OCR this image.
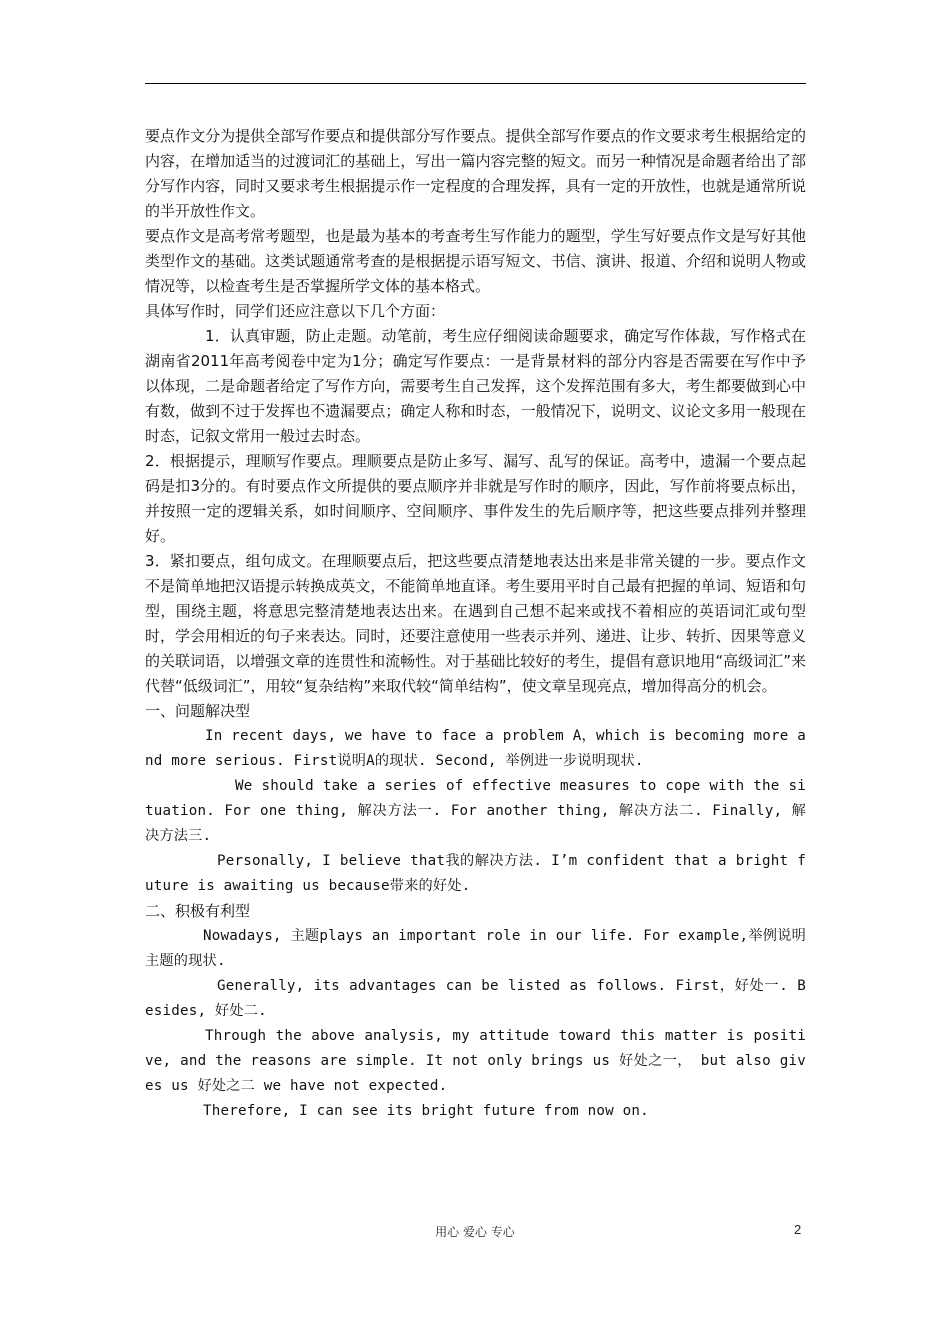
要点作文分为提供全部写作要点和提供部分写作要点。提供全部写作要点的作文要求考生根据给定的内容，在增加适当的过渡词汇的基础上，写出一篇内容完整的短文。而另一种情况是命题者给出了部分写作内容，同时又要求考生根据提示作一定程度的合理发挥，具有一定的开放性，也就是通常所说的半开放性作文。

要点作文是高考常考题型，也是最为基本的考查考生写作能力的题型，学生写好要点作文是写好其他类型作文的基础。这类试题通常考查的是根据提示语写短文、书信、演讲、报道、介绍和说明人物或情况等，以检查考生是否掌握所学文体的基本格式。

具体写作时，同学们还应注意以下几个方面：

1．认真审题，防止走题。动笔前，考生应仔细阅读命题要求，确定写作体裁，写作格式在湖南省2011年高考阅卷中定为1分；确定写作要点：一是背景材料的部分内容是否需要在写作中予以体现，二是命题者给定了写作方向，需要考生自己发挥，这个发挥范围有多大，考生都要做到心中有数，做到不过于发挥也不遗漏要点；确定人称和时态，一般情况下，说明文、议论文多用一般现在时态，记叙文常用一般过去时态。

2．根据提示，理顺写作要点。理顺要点是防止多写、漏写、乱写的保证。高考中，遗漏一个要点起码是扣3分的。有时要点作文所提供的要点顺序并非就是写作时的顺序，因此，写作前将要点标出，并按照一定的逻辑关系，如时间顺序、空间顺序、事件发生的先后顺序等，把这些要点排列并整理好。

3．紧扣要点，组句成文。在理顺要点后，把这些要点清楚地表达出来是非常关键的一步。要点作文不是简单地把汉语提示转换成英文，不能简单地直译。考生要用平时自己最有把握的单词、短语和句型，围绕主题，将意思完整清楚地表达出来。在遇到自己想不起来或找不着相应的英语词汇或句型时，学会用相近的句子来表达。同时，还要注意使用一些表示并列、递进、让步、转折、因果等意义的关联词语，以增强文章的连贯性和流畅性。对于基础比较好的考生，提倡有意识地用“高级词汇”来代替“低级词汇”，用较“复杂结构”来取代较“简单结构”，使文章呈现亮点，增加得高分的机会。

一、问题解决型

In recent days, we have to face a problem A，which is becoming more and more serious. First说明A的现状. Second, 举例进一步说明现状.

We should take a series of effective measures to cope with the situation. For one thing, 解决方法一. For another thing, 解决方法二. Finally, 解决方法三.

Personally, I believe that我的解决方法. I’m confident that a bright future is awaiting us because带来的好处.

二、积极有利型

Nowadays, 主题plays an important role in our life. For example,举例说明主题的现状.

Generally, its advantages can be listed as follows. First，好处一. Besides, 好处二.

Through the above analysis, my attitude toward this matter is positive, and the reasons are simple. It not only brings us 好处之一， but also gives us 好处之二 we have not expected.

Therefore, I can see its bright future from now on.

用心 爱心 专心	2
